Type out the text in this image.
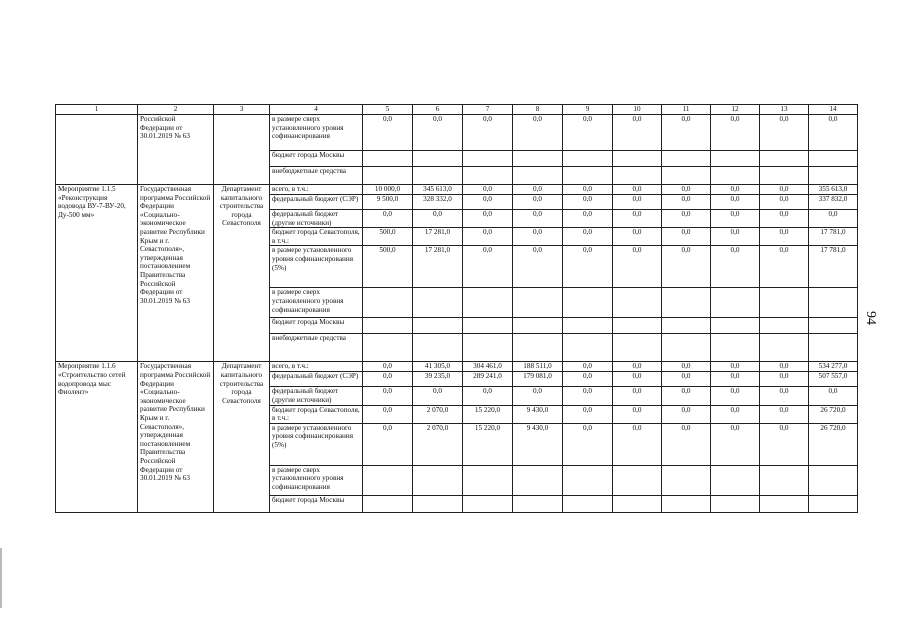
94
1	2	3	4	5	6	7	8	9	10	11	12	13	14
	Российской Федерации от 30.01.2019 № 63		в размере сверх установленного уровня софинансирования	0,0	0,0	0,0	0,0	0,0	0,0	0,0	0,0	0,0	0,0
			бюджет города Москвы										
			внебюджетные средства										
Мероприятие 1.1.5 «Реконструкция водовода ВУ-7-ВУ-20, Ду-500 мм»	Государственная программа Российской Федерации «Социально-экономическое развитие Республики Крым и г. Севастополя», утвержденная постановлением Правительства Российской Федерации от 30.01.2019 № 63	Департамент капитального строительства города Севастополя	всего, в т.ч.:	10 000,0	345 613,0	0,0	0,0	0,0	0,0	0,0	0,0	0,0	355 613,0
			федеральный бюджет (СЭР)	9 500,0	328 332,0	0,0	0,0	0,0	0,0	0,0	0,0	0,0	337 832,0
			федеральный бюджет (другие источники)	0,0	0,0	0,0	0,0	0,0	0,0	0,0	0,0	0,0	0,0
			бюджет города Севастополя, в т.ч.:	500,0	17 281,0	0,0	0,0	0,0	0,0	0,0	0,0	0,0	17 781,0
			в размере установленного уровня софинансирования (5%)	500,0	17 281,0	0,0	0,0	0,0	0,0	0,0	0,0	0,0	17 781,0
			в размере сверх установленного уровня софинансирования										
			бюджет города Москвы										
			внебюджетные средства										
Мероприятие 1.1.6 «Строительство сетей водопровода мыс Фиолент»	Государственная программа Российской Федерации «Социально-экономическое развитие Республики Крым и г. Севастополя», утвержденная постановлением Правительства Российской Федерации от 30.01.2019 № 63	Департамент капитального строительства города Севастополя	всего, в т.ч.:	0,0	41 305,0	304 461,0	188 511,0	0,0	0,0	0,0	0,0	0,0	534 277,0
			федеральный бюджет (СЭР)	0,0	39 235,0	289 241,0	179 081,0	0,0	0,0	0,0	0,0	0,0	507 557,0
			федеральный бюджет (другие источники)	0,0	0,0	0,0	0,0	0,0	0,0	0,0	0,0	0,0	0,0
			бюджет города Севастополя, в т.ч.:	0,0	2 070,0	15 220,0	9 430,0	0,0	0,0	0,0	0,0	0,0	26 720,0
			в размере установленного уровня софинансирования (5%)	0,0	2 070,0	15 220,0	9 430,0	0,0	0,0	0,0	0,0	0,0	26 720,0
			в размере сверх установленного уровня софинансирования										
			бюджет города Москвы										
